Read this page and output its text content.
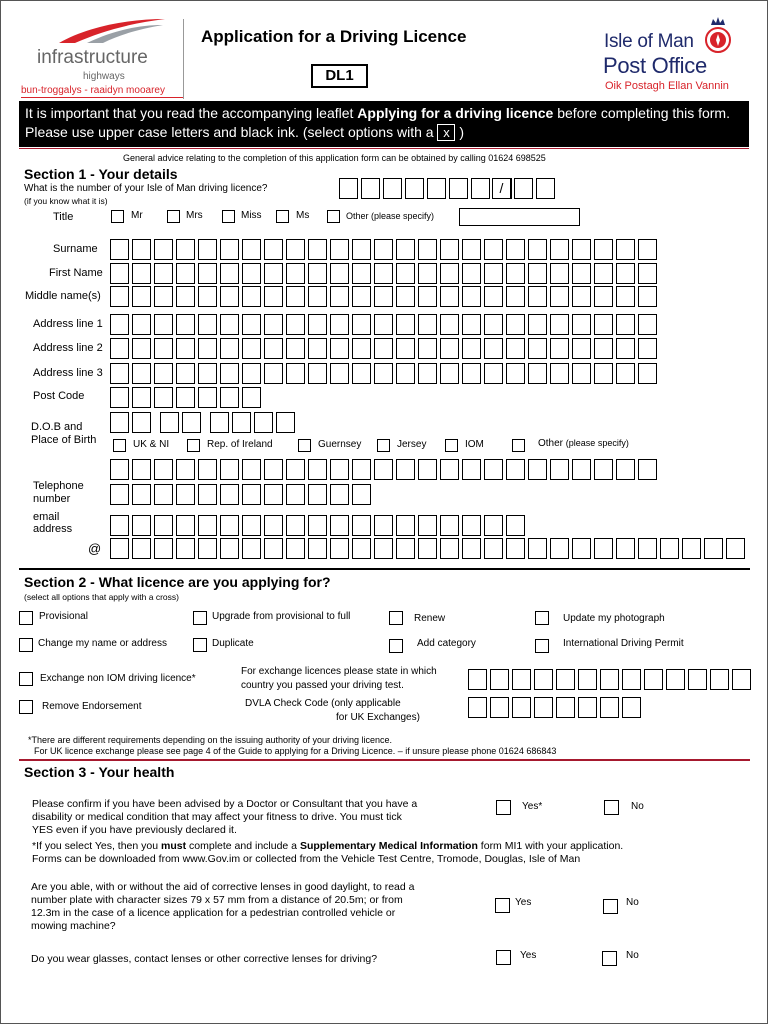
infrastructure
highways
bun-troggalys - raaidyn mooarey
Application for a Driving Licence
DL1
Isle of Man
Post Office
Oik Postagh Ellan Vannin
It is important that you read the accompanying leaflet Applying for a driving licence before completing this form. Please use upper case letters and black ink. (select options with a x )
General advice relating to the completion of this application form can be obtained by calling 01624 698525
Section 1 - Your details
What is the number of your Isle of Man driving licence?
(if you know what it is)
/
Title	Mr	Mrs	Miss	Ms	Other (please specify)
Surname
First Name
Middle name(s)
Address line 1
Address line 2
Address line 3
Post Code
D.O.B and
Place of Birth	UK & NI	Rep. of Ireland	Guernsey	Jersey	IOM	Other (please specify)
Telephone
number
email
address
@
Section 2 - What licence are you applying for?
(select all options that apply with a cross)
Provisional	Upgrade from provisional to full	Renew	Update my photograph
Change my name or address	Duplicate	Add category	International Driving Permit
Exchange non IOM driving licence*
For exchange licences please state in which
country you passed your driving test.
Remove Endorsement	DVLA Check Code (only applicable
for UK Exchanges)
*There are different requirements depending on the issuing authority of your driving licence.
For UK licence exchange please see page 4 of the Guide to applying for a Driving Licence. – if unsure please phone 01624 686843
Section 3 - Your health
Please confirm if you have been advised by a Doctor or Consultant that you have a
disability or medical condition that may affect your fitness to drive. You must tick
YES even if you have previously declared it.
Yes*	No
*If you select Yes, then you must complete and include a Supplementary Medical Information form MI1 with your application.
Forms can be downloaded from www.Gov.im or collected from the Vehicle Test Centre, Tromode, Douglas, Isle of Man
Are you able, with or without the aid of corrective lenses in good daylight, to read a
number plate with character sizes 79 x 57 mm from a distance of 20.5m; or from
12.3m in the case of a licence application for a pedestrian controlled vehicle or
mowing machine?
Yes	No
Do you wear glasses, contact lenses or other corrective lenses for driving?	Yes	No
